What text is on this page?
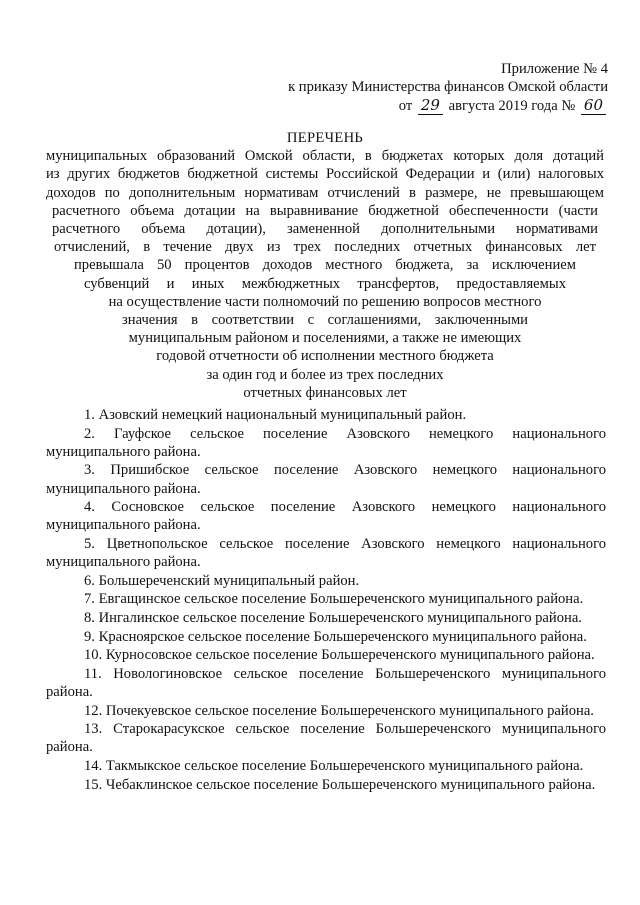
Приложение № 4
к приказу Министерства финансов Омской области
от 29 августа 2019 года № 60
ПЕРЕЧЕНЬ
муниципальных образований Омской области, в бюджетах которых доля дотаций
из других бюджетов бюджетной системы Российской Федерации и (или) налоговых
доходов по дополнительным нормативам отчислений в размере, не превышающем
расчетного объема дотации на выравнивание бюджетной обеспеченности (части
расчетного объема дотации), замененной дополнительными нормативами
отчислений, в течение двух из трех последних отчетных финансовых лет
превышала 50 процентов доходов местного бюджета, за исключением
субвенций и иных межбюджетных трансфертов, предоставляемых
на осуществление части полномочий по решению вопросов местного
значения в соответствии с соглашениями, заключенными
муниципальным районом и поселениями, а также не имеющих
годовой отчетности об исполнении местного бюджета
за один год и более из трех последних
отчетных финансовых лет

1. Азовский немецкий национальный муниципальный район.

2. Гауфское сельское поселение Азовского немецкого национального муниципального района.

3. Пришибское сельское поселение Азовского немецкого национального муниципального района.

4. Сосновское сельское поселение Азовского немецкого национального муниципального района.

5. Цветнопольское сельское поселение Азовского немецкого национального муниципального района.

6. Большереченский муниципальный район.

7. Евгащинское сельское поселение Большереченского муниципального района.

8. Ингалинское сельское поселение Большереченского муниципального района.

9. Красноярское сельское поселение Большереченского муниципального района.

10. Курносовское сельское поселение Большереченского муниципального района.

11. Новологиновское сельское поселение Большереченского муниципального района.

12. Почекуевское сельское поселение Большереченского муниципального района.

13. Старокарасукское сельское поселение Большереченского муниципального района.

14. Такмыкское сельское поселение Большереченского муниципального района.

15. Чебаклинское сельское поселение Большереченского муниципального района.
